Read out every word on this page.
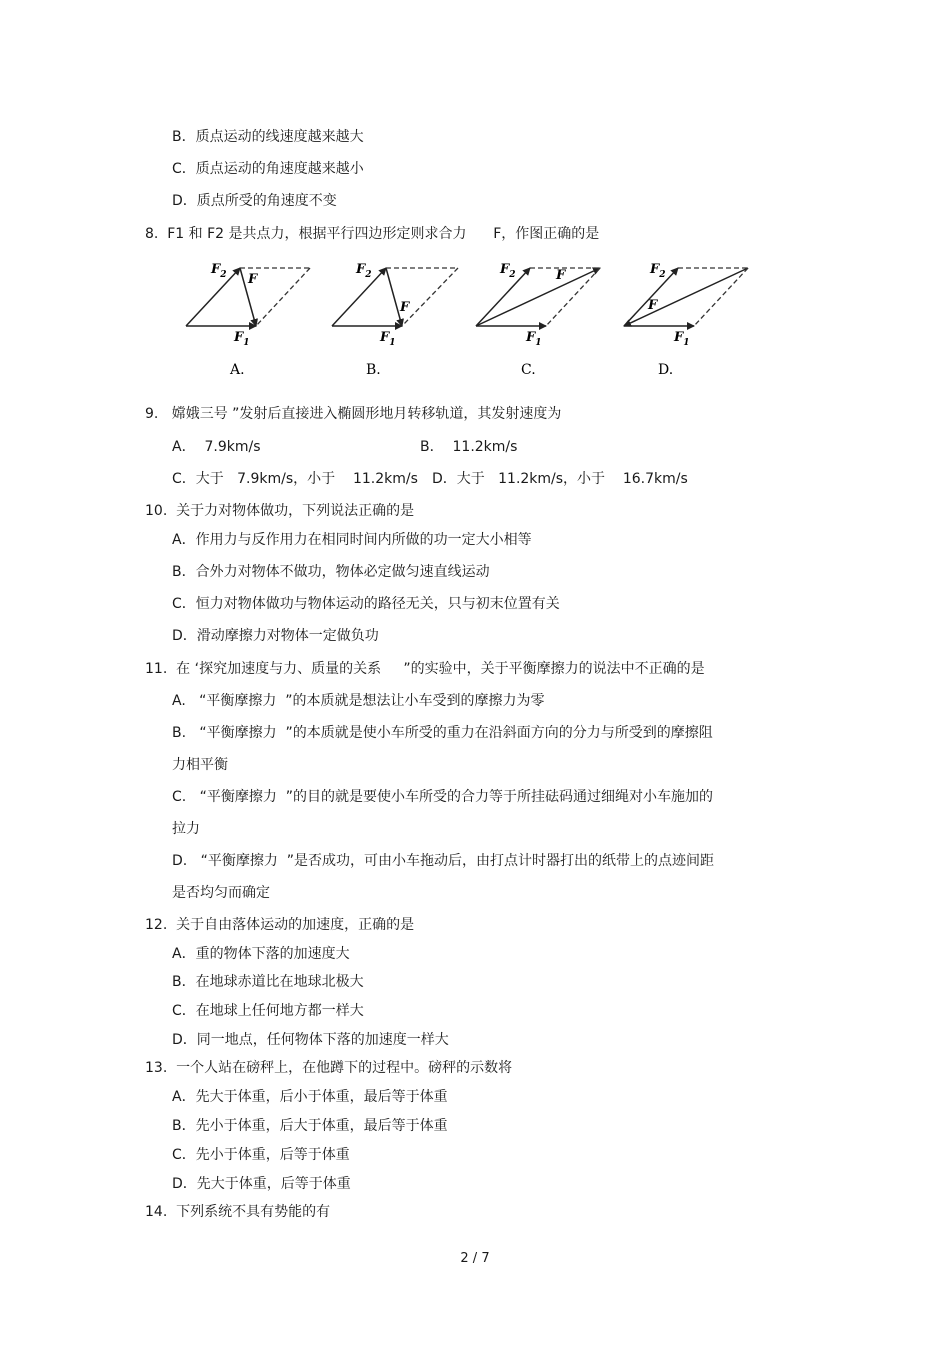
B．质点运动的线速度越来越大
C．质点运动的角速度越来越小
D．质点所受的角速度不变
8.  F1 和 F2 是共点力，根据平行四边形定则求合力      F，作图正确的是
$F_2$ F
$F_1$
A.
$F_2$
F
$F_1$
B.
$F_2$	F
$F_1$
C.
$F_2$
F
$F_1$
D.
9.   嫦娥三号 ”发射后直接进入椭圆形地月转移轨道，其发射速度为
A．  7.9km/s	B．  11.2km/s
C．大于   7.9km/s，小于    11.2km/s D．大于   11.2km/s，小于    16.7km/s
10.  关于力对物体做功，下列说法正确的是
A．作用力与反作用力在相同时间内所做的功一定大小相等
B．合外力对物体不做功，物体必定做匀速直线运动
C．恒力对物体做功与物体运动的路径无关，只与初末位置有关
D．滑动摩擦力对物体一定做负功
11.  在 ‘探究加速度与力、质量的关系     ”的实验中，关于平衡摩擦力的说法中不正确的是
A.   “平衡摩擦力  ”的本质就是想法让小车受到的摩擦力为零
B.   “平衡摩擦力  ”的本质就是使小车所受的重力在沿斜面方向的分力与所受到的摩擦阻
力相平衡
C.   “平衡摩擦力  ”的目的就是要使小车所受的合力等于所挂砝码通过细绳对小车施加的
拉力
D.   “平衡摩擦力  ”是否成功，可由小车拖动后，由打点计时器打出的纸带上的点迹间距
是否均匀而确定
12.  关于自由落体运动的加速度，正确的是
A．重的物体下落的加速度大
B．在地球赤道比在地球北极大
C．在地球上任何地方都一样大
D．同一地点，任何物体下落的加速度一样大
13.  一个人站在磅秤上，在他蹲下的过程中。磅秤的示数将
A．先大于体重，后小于体重，最后等于体重
B．先小于体重，后大于体重，最后等于体重
C．先小于体重，后等于体重
D．先大于体重，后等于体重
14.  下列系统不具有势能的有
2 / 7
